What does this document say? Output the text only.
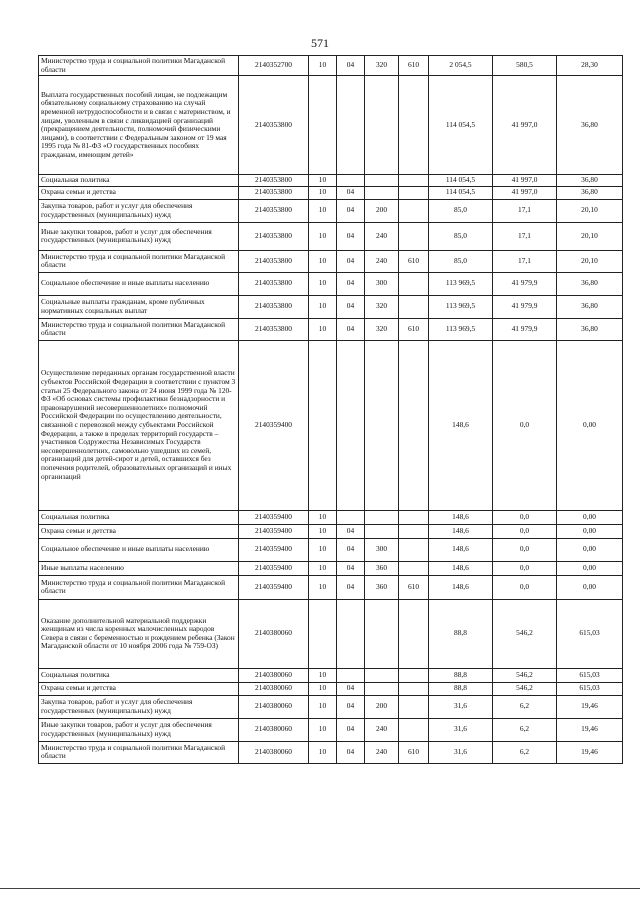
571
Министерство труда и социальной политики Магаданской области	2140352700	10	04	320	610	2 054,5	580,5	28,30
Выплата государственных пособий лицам, не подлежащим обязательному социальному страхованию на случай временной нетрудоспособности и в связи с материнством, и лицам, уволенным в связи с ликвидацией организаций (прекращением деятельности, полномочий физическими лицами), в соответствии с Федеральным законом от 19 мая 1995 года № 81-ФЗ «О государственных пособиях гражданам, имеющим детей»	2140353800					114 054,5	41 997,0	36,80
Социальная политика	2140353800	10				114 054,5	41 997,0	36,80
Охрана семьи и детства	2140353800	10	04			114 054,5	41 997,0	36,80
Закупка товаров, работ и услуг для обеспечения государственных (муниципальных) нужд	2140353800	10	04	200		85,0	17,1	20,10
Иные закупки товаров, работ и услуг для обеспечения государственных (муниципальных) нужд	2140353800	10	04	240		85,0	17,1	20,10
Министерство труда и социальной политики Магаданской области	2140353800	10	04	240	610	85,0	17,1	20,10
Социальное обеспечение и иные выплаты населению	2140353800	10	04	300		113 969,5	41 979,9	36,80
Социальные выплаты гражданам, кроме публичных нормативных социальных выплат	2140353800	10	04	320		113 969,5	41 979,9	36,80
Министерство труда и социальной политики Магаданской области	2140353800	10	04	320	610	113 969,5	41 979,9	36,80
Осуществление переданных органам государственной власти субъектов Российской Федерации в соответствии с пунктом 3 статьи 25 Федерального закона от 24 июня 1999 года № 120-ФЗ «Об основах системы профилактики безнадзорности и правонарушений несовершеннолетних» полномочий Российской Федерации по осуществлению деятельности, связанной с перевозкой между субъектами Российской Федерации, а также в пределах территорий государств – участников Содружества Независимых Государств несовершеннолетних, самовольно ушедших из семей, организаций для детей-сирот и детей, оставшихся без попечения родителей, образовательных организаций и иных организаций	2140359400					148,6	0,0	0,00
Социальная политика	2140359400	10				148,6	0,0	0,00
Охрана семьи и детства	2140359400	10	04			148,6	0,0	0,00
Социальное обеспечение и иные выплаты населению	2140359400	10	04	300		148,6	0,0	0,00
Иные выплаты населению	2140359400	10	04	360		148,6	0,0	0,00
Министерство труда и социальной политики Магаданской области	2140359400	10	04	360	610	148,6	0,0	0,00
Оказание дополнительной материальной поддержки женщинам из числа коренных малочисленных народов Севера в связи с беременностью и рождением ребенка (Закон Магаданской области от 10 ноября 2006 года № 759-ОЗ)	2140380060					88,8	546,2	615,03
Социальная политика	2140380060	10				88,8	546,2	615,03
Охрана семьи и детства	2140380060	10	04			88,8	546,2	615,03
Закупка товаров, работ и услуг для обеспечения государственных (муниципальных) нужд	2140380060	10	04	200		31,6	6,2	19,46
Иные закупки товаров, работ и услуг для обеспечения государственных (муниципальных) нужд	2140380060	10	04	240		31,6	6,2	19,46
Министерство труда и социальной политики Магаданской области	2140380060	10	04	240	610	31,6	6,2	19,46
